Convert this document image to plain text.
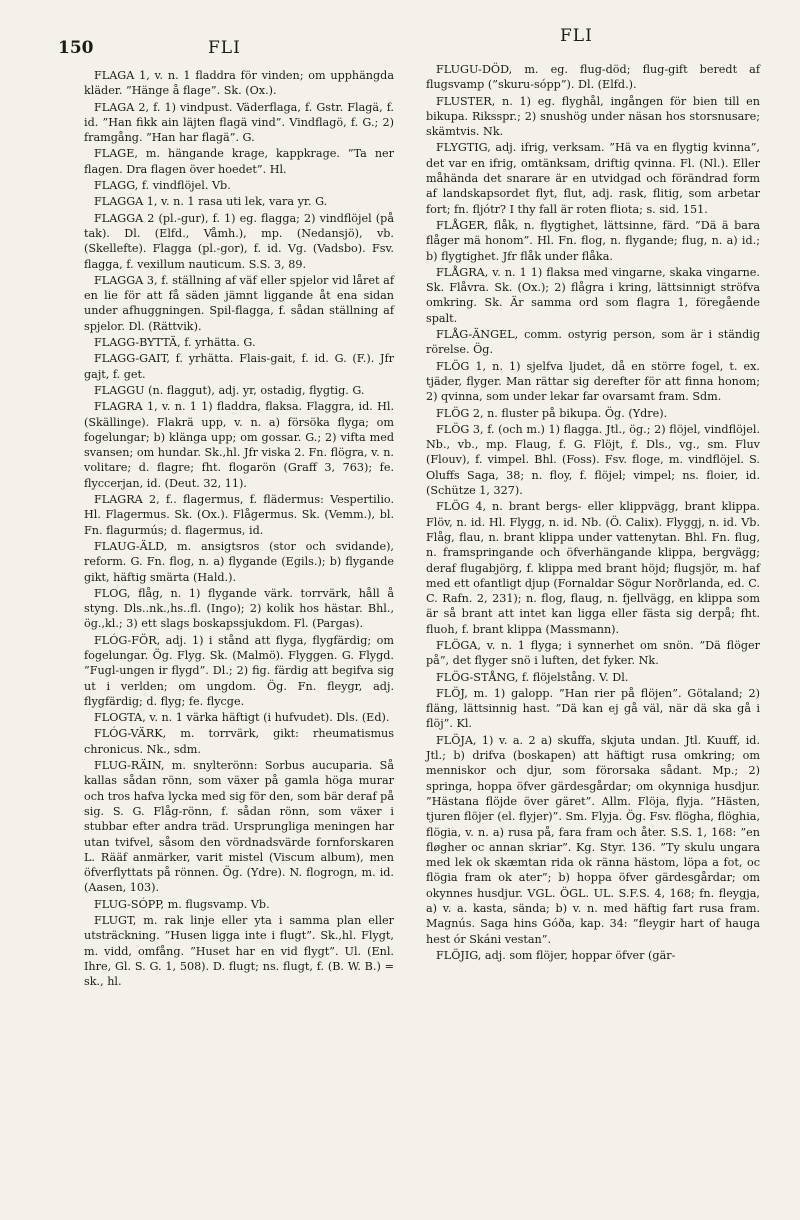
150	FLI
FLI

FLAGA 1, v. n. 1 fladdra för vinden; om upphängda kläder. ”Hänge å flage”. Sk. (Ox.).

FLAGA 2, f. 1) vindpust. Väderflaga, f. Gstr. Flagä, f. id. ”Han fikk ain läjten flagä vind”. Vindflagö, f. G.; 2) framgång. ”Han har flagä”. G.

FLAGE, m. hängande krage, kappkrage. ”Ta ner flagen. Dra flagen över hoedet”. Hl.

FLAGG, f. vindflöjel. Vb.

FLAGGA 1, v. n. 1 rasa uti lek, vara yr. G.

FLAGGA 2 (pl.-gur), f. 1) eg. flagga; 2) vindflöjel (på tak). Dl. (Elfd., Våmh.), mp. (Nedansjö), vb. (Skellefte). Flagga (pl.-gor), f. id. Vg. (Vadsbo). Fsv. flagga, f. vexillum nauticum. S.S. 3, 89.

FLAGGA 3, f. ställning af väf eller spjelor vid låret af en lie för att få säden jämnt liggande åt ena sidan under afhuggningen. Spil-flagga, f. sådan ställning af spjelor. Dl. (Rättvik).

FLAGG-BYTTÄ, f. yrhätta. G.

FLAGG-GAIT, f. yrhätta. Flais-gait, f. id. G. (F.). Jfr gajt, f. get.

FLAGGU (n. flaggut), adj. yr, ostadig, flygtig. G.

FLAGRA 1, v. n. 1 1) fladdra, flaksa. Flaggra, id. Hl. (Skällinge). Flakrä upp, v. n. a) försöka flyga; om fogelungar; b) klänga upp; om gossar. G.; 2) vifta med svansen; om hundar. Sk.,hl. Jfr viska 2. Fn. flögra, v. n. volitare; d. flagre; fht. flogarön (Graff 3, 763); fe. flyccerjan, id. (Deut. 32, 11).

FLAGRA 2, f.. flagermus, f. flädermus: Vespertilio. Hl. Flagermus. Sk. (Ox.). Flågermus. Sk. (Vemm.), bl. Fn. flagurmús; d. flagermus, id.

FLAUG-ÄLD, m. ansigtsros (stor och svidande), reform. G. Fn. flog, n. a) flygande (Egils.); b) flygande gikt, häftig smärta (Hald.).

FLOG, flåg, n. 1) flygande värk. torrvärk, håll å styng. Dls..nk.,hs..fl. (Ingo); 2) kolik hos hästar. Bhl., ög.,kl.; 3) ett slags boskapssjukdom. Fl. (Pargas).

FLÓG-FÖR, adj. 1) i stånd att flyga, flygfärdig; om fogelungar. Ög. Flyg. Sk. (Malmö). Flyggen. G. Flygd. ”Fugl-ungen ir flygd”. Dl.; 2) fig. färdig att begifva sig ut i verlden; om ungdom. Ög. Fn. fleygr, adj. flygfärdig; d. flyg; fe. flycge.

FLOGTA, v. n. 1 värka häftigt (i hufvudet). Dls. (Ed).

FLÓG-VÄRK, m. torrvärk, gikt: rheumatismus chronicus. Nk., sdm.

FLUG-RÄIN, m. snylterönn: Sorbus aucuparia. Så kallas sådan rönn, som växer på gamla höga murar och tros hafva lycka med sig för den, som bär deraf på sig. S. G. Flåg-rönn, f. sådan rönn, som växer i stubbar efter andra träd. Ursprungliga meningen har utan tvifvel, såsom den vördnadsvärde fornforskaren L. Rääf anmärker, varit mistel (Viscum album), men öfverflyttats på rönnen. Ög. (Ydre). N. flogrogn, m. id. (Aasen, 103).

FLUG-SÓPP, m. flugsvamp. Vb.

FLUGT, m. rak linje eller yta i samma plan eller utsträckning. ”Husen ligga inte i flugt”. Sk.,hl. Flygt, m. vidd, omfång. ”Huset har en vid flygt”. Ul. (Enl. Ihre, Gl. S. G. 1, 508). D. flugt; ns. flugt, f. (B. W. B.) = sk., hl.

FLUGU-DÖD, m. eg. flug-död; flug-gift beredt af flugsvamp (”skuru-sópp”). Dl. (Elfd.).

FLUSTER, n. 1) eg. flyghål, ingången för bien till en bikupa. Riksspr.; 2) snushög under näsan hos storsnusare; skämtvis. Nk.

FLYGTIG, adj. ifrig, verksam. ”Hä va en flygtig kvinna”, det var en ifrig, omtänksam, driftig qvinna. Fl. (Nl.). Eller måhända det snarare är en utvidgad och förändrad form af landskapsordet flyt, flut, adj. rask, flitig, som arbetar fort; fn. fljótr? I thy fall är roten fliota; s. sid. 151.

FLÅGER, flåk, n. flygtighet, lättsinne, färd. ”Dä ä bara flåger mä honom”. Hl. Fn. flog, n. flygande; flug, n. a) id.; b) flygtighet. Jfr flåk under flåka.

FLÅGRA, v. n. 1 1) flaksa med vingarne, skaka vingarne. Sk. Flåvra. Sk. (Ox.); 2) flågra i kring, lättsinnigt ströfva omkring. Sk. Är samma ord som flagra 1, föregående spalt.

FLÅG-ÄNGEL, comm. ostyrig person, som är i ständig rörelse. Ög.

FLÖG 1, n. 1) sjelfva ljudet, då en större fogel, t. ex. tjäder, flyger. Man rättar sig derefter för att finna honom; 2) qvinna, som under lekar far ovarsamt fram. Sdm.

FLÖG 2, n. fluster på bikupa. Ög. (Ydre).

FLÖG 3, f. (och m.) 1) flagga. Jtl., ög.; 2) flöjel, vindflöjel. Nb., vb., mp. Flaug, f. G. Flöjt, f. Dls., vg., sm. Fluv (Flouv), f. vimpel. Bhl. (Foss). Fsv. floge, m. vindflöjel. S. Oluffs Saga, 38; n. floy, f. flöjel; vimpel; ns. floier, id. (Schütze 1, 327).

FLÖG 4, n. brant bergs- eller klippvägg, brant klippa. Flöv, n. id. Hl. Flygg, n. id. Nb. (Ö. Calix). Flyggj, n. id. Vb. Flåg, flau, n. brant klippa under vattenytan. Bhl. Fn. flug, n. framspringande och öfverhängande klippa, bergvägg; deraf flugabjörg, f. klippa med brant höjd; flugsjör, m. haf med ett ofantligt djup (Fornaldar Sögur Norðrlanda, ed. C. C. Rafn. 2, 231); n. flog, flaug, n. fjellvägg, en klippa som är så brant att intet kan ligga eller fästa sig derpå; fht. fluoh, f. brant klippa (Massmann).

FLÖGA, v. n. 1 flyga; i synnerhet om snön. ”Dä flöger på”, det flyger snö i luften, det fyker. Nk.

FLÖG-STÅNG, f. flöjelstång. V. Dl.

FLÖJ, m. 1) galopp. ”Han rier på flöjen”. Götaland; 2) fläng, lättsinnig hast. ”Dä kan ej gå väl, när dä ska gå i flöj”. Kl.

FLÖJA, 1) v. a. 2 a) skuffa, skjuta undan. Jtl. Kuuff, id. Jtl.; b) drifva (boskapen) att häftigt rusa omkring; om menniskor och djur, som förorsaka sådant. Mp.; 2) springa, hoppa öfver gärdesgårdar; om okynniga husdjur. ”Hästana flöjde över gäret”. Allm. Flöja, flyja. ”Hästen, tjuren flöjer (el. flyjer)”. Sm. Flyja. Ög. Fsv. flögha, flöghia, flögia, v. n. a) rusa på, fara fram och åter. S.S. 1, 168: ”en fløgher oc annan skriar”. Kg. Styr. 136. ”Ty skulu ungara med lek ok skæmtan rida ok ränna hästom, löpa a fot, oc flögia fram ok ater”; b) hoppa öfver gärdesgårdar; om okynnes husdjur. VGL. ÖGL. UL. S.F.S. 4, 168; fn. fleygja, a) v. a. kasta, sända; b) v. n. med häftig fart rusa fram. Magnús. Saga hins Góða, kap. 34: ”fleygir hart of hauga hest ór Skáni vestan”.

FLÖJIG, adj. som flöjer, hoppar öfver (gär-
